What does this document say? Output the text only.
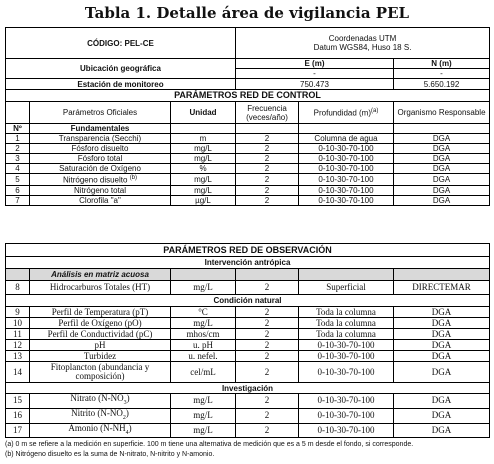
Tabla 1. Detalle área de vigilancia PEL
CÓDIGO: PEL-CE			Coordenadas UTM
Datum WGS84, Huso 18 S.		
Ubicación geográfica			E (m)		N (m)
			-		-
Estación de monitoreo			750.473		5.650.192
PARÁMETROS RED DE CONTROL					
	Parámetros Oficiales	Unidad	Frecuencia (veces/año)	Profundidad $(m)^{(a)}$	Organismo Responsable
Nº	Fundamentales				
1	Transparencia (Secchi)	m	2	Columna de agua	DGA
2	Fósforo disuelto	mg/L	2	0-10-30-70-100	DGA
3	Fósforo total	mg/L	2	0-10-30-70-100	DGA
4	Saturación de Oxígeno	%	2	0-10-30-70-100	DGA
5	Nitrógeno disuelto $^{(b)}$	mg/L	2	0-10-30-70-100	DGA
6	Nitrógeno total	mg/L	2	0-10-30-70-100	DGA
7	Clorofila "a"	µg/L	2	0-10-30-70-100	DGA
PARÁMETROS RED DE OBSERVACIÓN					
Intervención antrópica					
	Análisis en matriz acuosa				
8	Hidrocarburos Totales (HT)	mg/L	2	Superficial	DIRECTEMAR
Condición natural					
9	Perfil de Temperatura (pT)	°C	2	Toda la columna	DGA
10	Perfil de Oxígeno (pO)	mg/L	2	Toda la columna	DGA
11	Perfil de Conductividad (pC)	mhos/cm	2	Toda la columna	DGA
12	pH	u. pH	2	0-10-30-70-100	DGA
13	Turbidez	u. nefel.	2	0-10-30-70-100	DGA
14	Fitoplancton (abundancia y composición)	cel/mL	2	0-10-30-70-100	DGA
Investigación					
15	Nitrato $(N-NO_3)$	mg/L	2	0-10-30-70-100	DGA
16	Nitrito $(N-NO_2)$	mg/L	2	0-10-30-70-100	DGA
17	Amonio $(N-NH_4)$	mg/L	2	0-10-30-70-100	DGA
(a) 0 m se refiere a la medición en superficie. 100 m tiene una alternativa de medición que es a 5 m desde el fondo, si corresponde.
(b) Nitrógeno disuelto es la suma de N-nitrato, N-nitrito y N-amonio.
